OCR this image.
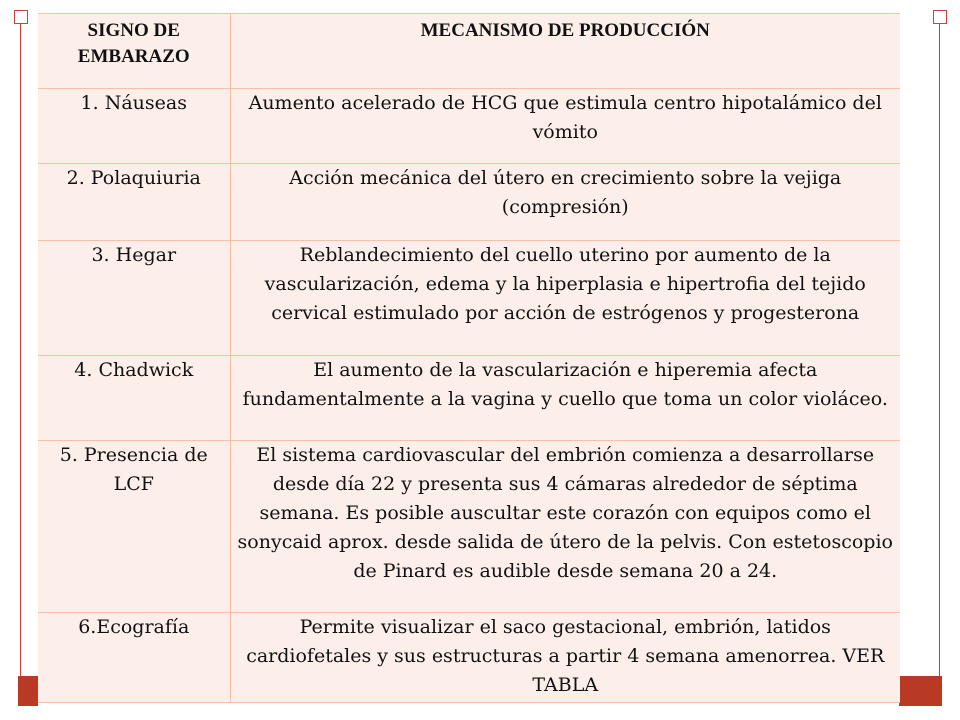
SIGNO DE EMBARAZO	MECANISMO DE PRODUCCIÓN
1. Náuseas	Aumento acelerado de HCG que estimula centro hipotalámico del vómito
2. Polaquiuria	Acción mecánica del útero en crecimiento sobre la vejiga (compresión)
3. Hegar	Reblandecimiento del cuello uterino por aumento de la vascularización, edema y la hiperplasia e hipertrofia del tejido cervical estimulado por acción de estrógenos y progesterona
4. Chadwick	El aumento de la vascularización e hiperemia afecta fundamentalmente a la vagina y cuello que toma un color violáceo.
5. Presencia de LCF	El sistema cardiovascular del embrión comienza a desarrollarse desde día 22 y presenta sus 4 cámaras alrededor de séptima semana. Es posible auscultar este corazón con equipos como el sonycaid aprox. desde salida de útero de la pelvis. Con estetoscopio de Pinard es audible desde semana 20 a 24.
6.Ecografía	Permite visualizar el saco gestacional, embrión, latidos cardiofetales y sus estructuras a partir 4 semana amenorrea. VER TABLA
